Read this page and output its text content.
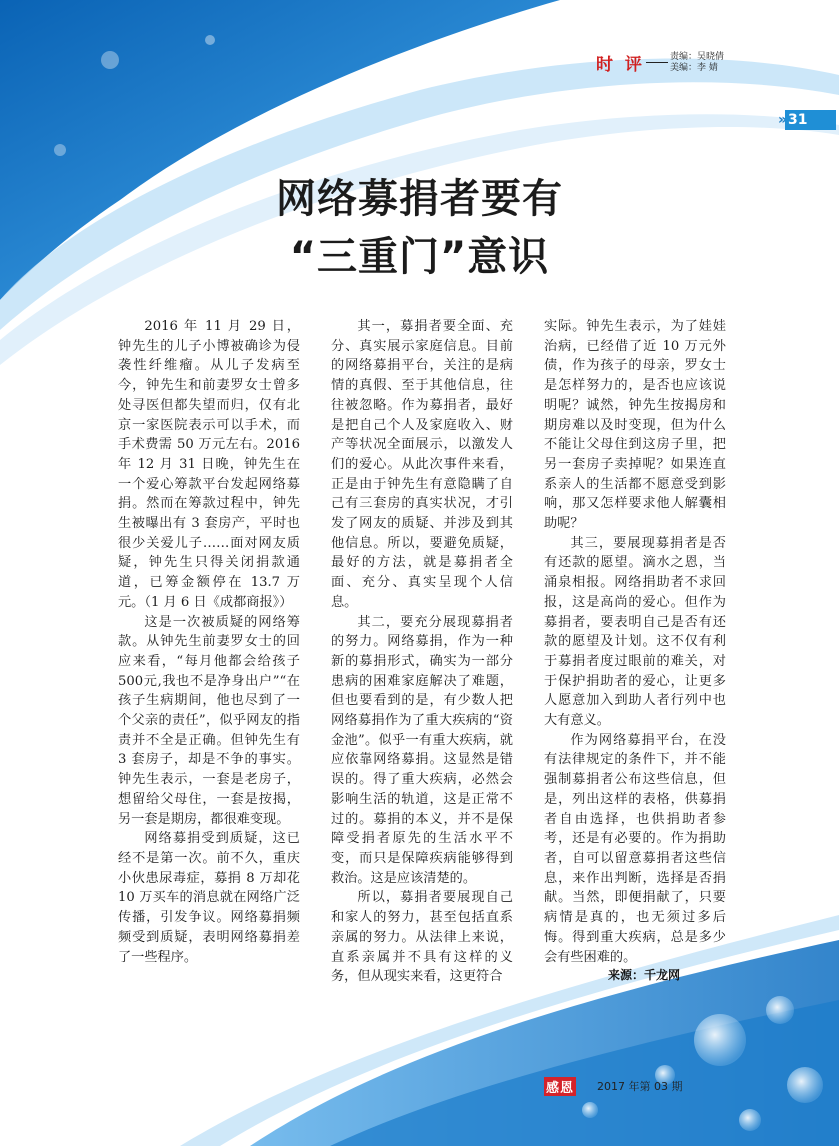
时 评	责编：吴晓倩
美编：李 婧
» 31
网络募捐者要有
“三重门”意识

2016 年 11 月 29 日， 钟先生的儿子小博被确诊为侵袭性纤维瘤。从儿子发病至今，钟先生和前妻罗女士曾多处寻医但都失望而归，仅有北京一家医院表示可以手术，而手术费需 50 万元左右。2016 年 12 月 31 日晚，钟先生在一个爱心筹款平台发起网络募捐。然而在筹款过程中，钟先生被曝出有 3 套房产，平时也很少关爱儿子……面对网友质疑，钟先生只得关闭捐款通道，已筹金额停在 13.7 万元。（1 月 6 日《成都商报》）

这是一次被质疑的网络筹款。从钟先生前妻罗女士的回应来看，“每月他都会给孩子 500元,我也不是净身出户”“在孩子生病期间，他也尽到了一个父亲的责任”，似乎网友的指责并不全是正确。但钟先生有 3 套房子，却是不争的事实。钟先生表示，一套是老房子，想留给父母住，一套是按揭，另一套是期房，都很难变现。

网络募捐受到质疑，这已经不是第一次。前不久，重庆小伙患尿毒症，募捐 8 万却花 10 万买车的消息就在网络广泛传播，引发争议。网络募捐频频受到质疑，表明网络募捐差了一些程序。

其一，募捐者要全面、充分、真实展示家庭信息。目前的网络募捐平台，关注的是病情的真假、至于其他信息，往往被忽略。作为募捐者，最好是把自己个人及家庭收入、财产等状况全面展示，以激发人们的爱心。从此次事件来看，正是由于钟先生有意隐瞒了自己有三套房的真实状况，才引发了网友的质疑、并涉及到其他信息。所以，要避免质疑，最好的方法，就是募捐者全面、充分、真实呈现个人信息。

其二，要充分展现募捐者的努力。网络募捐，作为一种新的募捐形式，确实为一部分患病的困难家庭解决了难题，但也要看到的是，有少数人把网络募捐作为了重大疾病的“资金池”。似乎一有重大疾病，就应依靠网络募捐。这显然是错误的。得了重大疾病，必然会影响生活的轨道，这是正常不过的。募捐的本义，并不是保障受捐者原先的生活水平不变，而只是保障疾病能够得到救治。这是应该清楚的。

所以，募捐者要展现自己和家人的努力，甚至包括直系亲属的努力。从法律上来说，直系亲属并不具有这样的义务，但从现实来看，这更符合

实际。钟先生表示，为了娃娃治病，已经借了近 10 万元外债，作为孩子的母亲，罗女士是怎样努力的，是否也应该说明呢？诚然，钟先生按揭房和期房难以及时变现，但为什么不能让父母住到这房子里，把另一套房子卖掉呢？如果连直系亲人的生活都不愿意受到影响，那又怎样要求他人解囊相助呢？

其三，要展现募捐者是否有还款的愿望。滴水之恩，当涌泉相报。网络捐助者不求回报，这是高尚的爱心。但作为募捐者，要表明自己是否有还款的愿望及计划。这不仅有利于募捐者度过眼前的难关，对于保护捐助者的爱心，让更多人愿意加入到助人者行列中也大有意义。

作为网络募捐平台，在没有法律规定的条件下，并不能强制募捐者公布这些信息，但是，列出这样的表格，供募捐者自由选择，也供捐助者参考，还是有必要的。作为捐助者，自可以留意募捐者这些信息，来作出判断，选择是否捐献。当然，即便捐献了，只要病情是真的，也无须过多后悔。得到重大疾病，总是多少会有些困难的。

来源：千龙网
感恩 2017 年第 03 期
